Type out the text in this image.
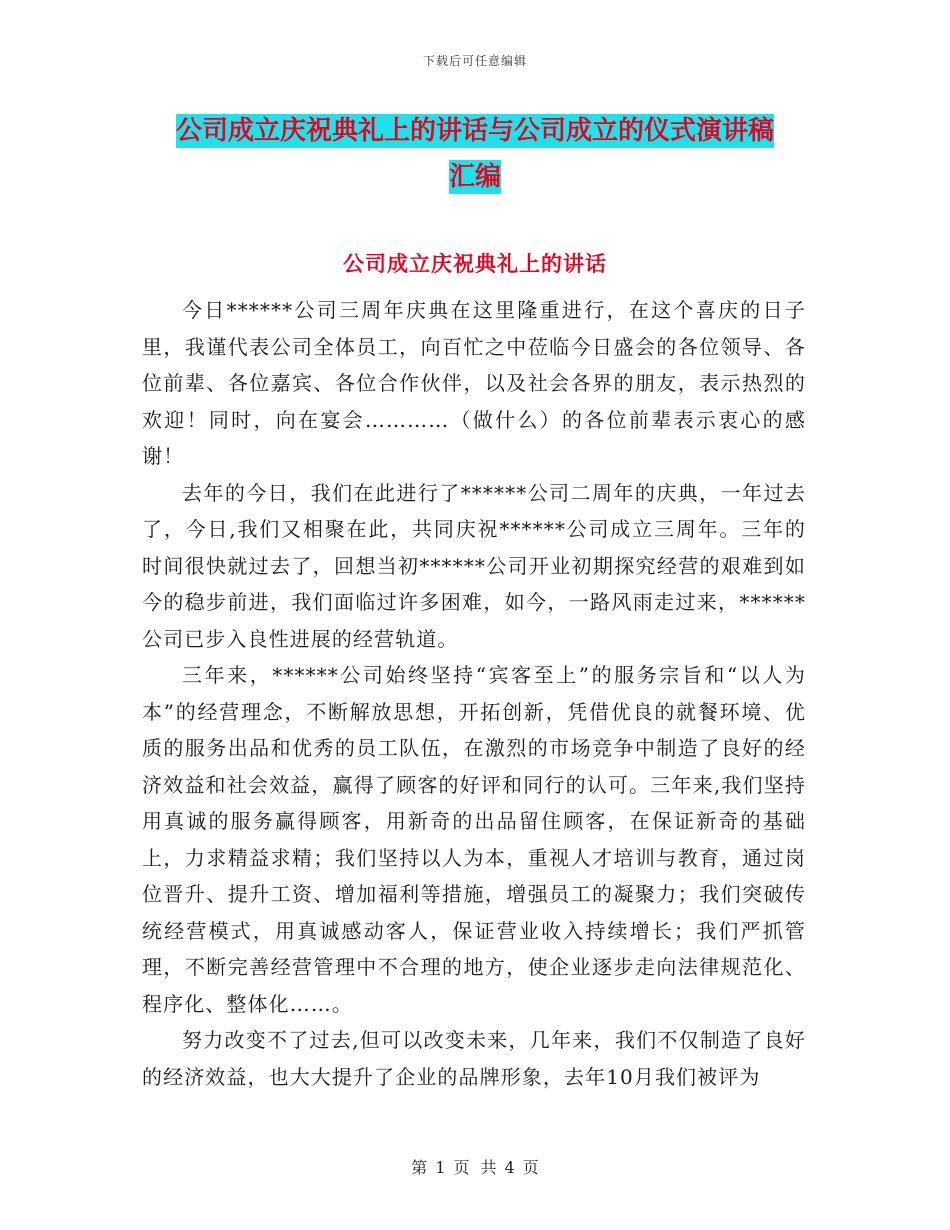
下载后可任意编辑
公司成立庆祝典礼上的讲话与公司成立的仪式演讲稿
汇编
公司成立庆祝典礼上的讲话

今日******公司三周年庆典在这里隆重进行，在这个喜庆的日子里，我谨代表公司全体员工，向百忙之中莅临今日盛会的各位领导、各位前辈、各位嘉宾、各位合作伙伴，以及社会各界的朋友，表示热烈的欢迎！同时，向在宴会…………（做什么）的各位前辈表示衷心的感谢！

去年的今日，我们在此进行了******公司二周年的庆典，一年过去了，今日,我们又相聚在此，共同庆祝******公司成立三周年。三年的时间很快就过去了，回想当初******公司开业初期探究经营的艰难到如今的稳步前进，我们面临过许多困难，如今，一路风雨走过来，******公司已步入良性进展的经营轨道。

三年来，******公司始终坚持“宾客至上”的服务宗旨和“以人为本”的经营理念，不断解放思想，开拓创新，凭借优良的就餐环境、优质的服务出品和优秀的员工队伍，在激烈的市场竞争中制造了良好的经济效益和社会效益，赢得了顾客的好评和同行的认可。三年来,我们坚持用真诚的服务赢得顾客，用新奇的出品留住顾客，在保证新奇的基础上，力求精益求精；我们坚持以人为本，重视人才培训与教育，通过岗位晋升、提升工资、增加福利等措施，增强员工的凝聚力；我们突破传统经营模式，用真诚感动客人，保证营业收入持续增长；我们严抓管理，不断完善经营管理中不合理的地方，使企业逐步走向法律规范化、程序化、整体化……。

努力改变不了过去,但可以改变未来，几年来，我们不仅制造了良好的经济效益，也大大提升了企业的品牌形象，去年10月我们被评为

第 1 页 共 4 页
